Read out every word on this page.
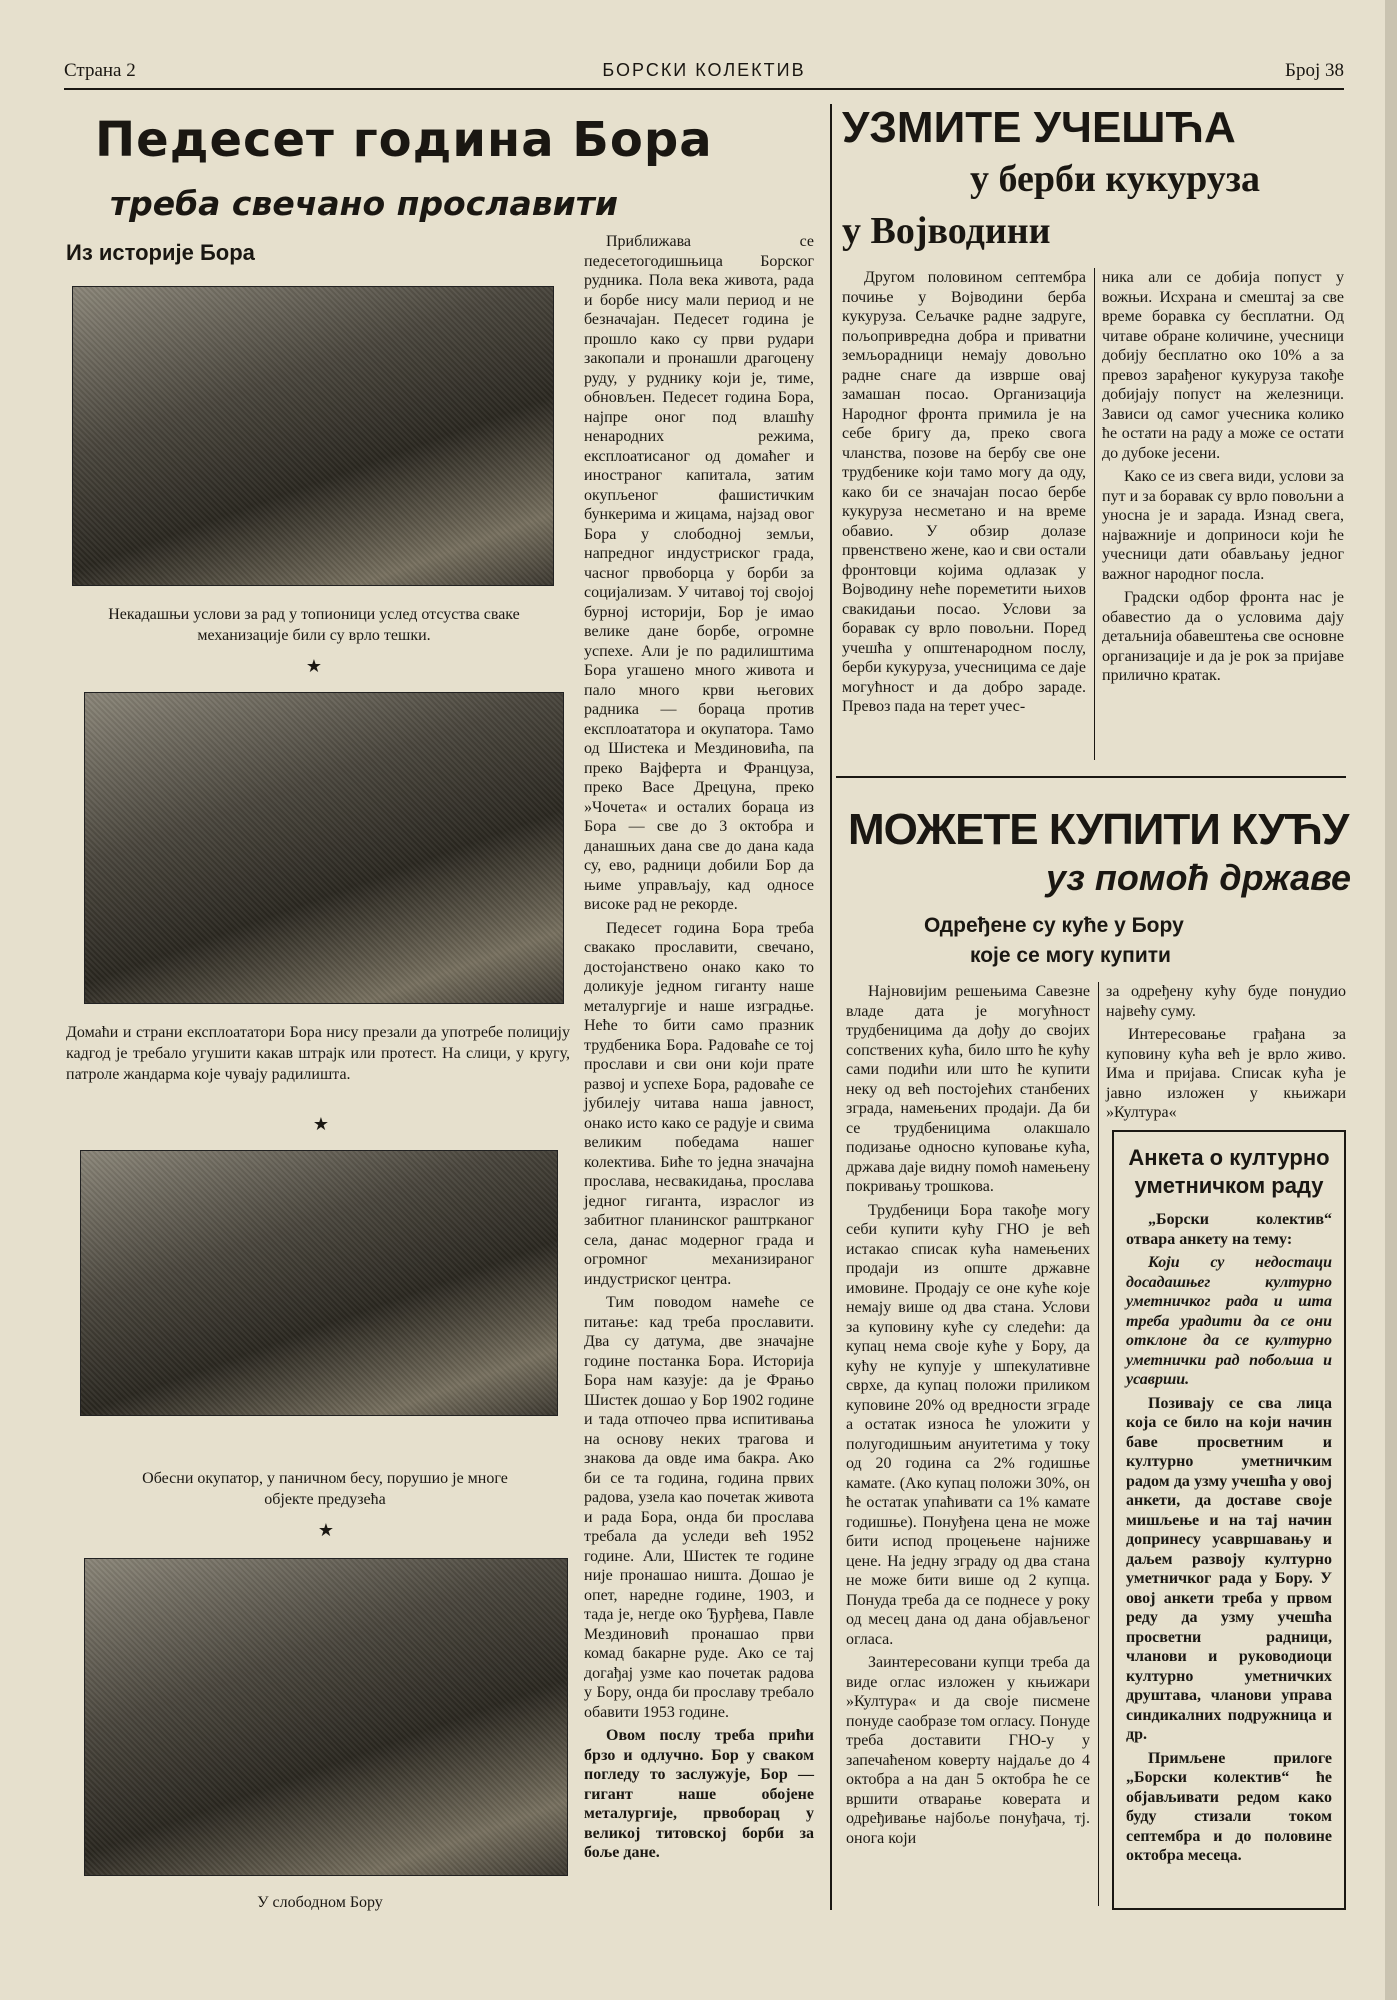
Страна 2	БОРСКИ КОЛЕКТИВ	Број 38
Педесет година Бора
треба свечано прославити
Из историје Бора
Некадашњи услови за рад у топионици услед отсуства сваке механизације били су врло тешки.
★
Домаћи и страни експлоататори Бора нису презали да употребе полицију кадгод је требало угушити какав штрајк или протест. На слици, у кругу, патроле жандарма које чувају радилишта.
★
Обесни окупатор, у паничном бесу, порушио је многе објекте предузећа
★
У слободном Бору

Приближава се педесетогодишњица Борског рудника. Пола века живота, рада и борбе нису мали период и не безначајан. Педесет година је прошло како су први рудари закопали и пронашли драгоцену руду, у руднику који је, тиме, обновљен. Педесет година Бора, најпре оног под влашћу ненародних режима, експлоатисаног од домаћег и иностраног капитала, затим окупљеног фашистичким бункерима и жицама, најзад овог Бора у слободној земљи, напредног индустриског града, часног првоборца у борби за социјализам. У читавој тој својој бурној историји, Бор је имао велике дане борбе, огромне успехе. Али је по радилиштима Бора угашено много живота и пало много крви његових радника — бораца против експлоататора и окупатора. Тамо од Шистека и Мездиновића, па преко Вајферта и Француза, преко Васе Дрецуна, преко »Чочета« и осталих бораца из Бора — све до 3 октобра и данашњих дана све до дана када су, ево, радници добили Бор да њиме управљају, кад односе високе рад не рекорде.

Педесет година Бора треба свакако прославити, свечано, достојанствено онако како то доликује једном гиганту наше металургије и наше изградње. Неће то бити само празник трудбеника Бора. Радоваће се тој прослави и сви они који прате развој и успехе Бора, радоваће се јубилеју читава наша јавност, онако исто како се радује и свима великим победама нашег колектива. Биће то једна значајна прослава, несвакидања, прослава једног гиганта, израслог из забитног планинског раштрканог села, данас модерног града и огромног механизираног индустриског центра.

Тим поводом намеће се питање: кад треба прославити. Два су датума, две значајне године постанка Бора. Историја Бора нам казује: да је Фрањо Шистек дошао у Бор 1902 године и тада отпочео прва испитивања на основу неких трагова и знакова да овде има бакра. Ако би се та година, година првих радова, узела као почетак живота и рада Бора, онда би прослава требала да уследи већ 1952 године. Али, Шистек те године није пронашао ништа. Дошао је опет, наредне године, 1903, и тада је, негде око Ђурђева, Павле Мездиновић пронашао први комад бакарне руде. Ако се тај догађај узме као почетак радова у Бору, онда би прославу требало обавити 1953 године.

Овом послу треба прићи брзо и одлучно. Бор у сваком погледу то заслужује, Бор — гигант наше обојене металургије, првоборац у великој титовској борби за боље дане.

УЗМИТЕ УЧЕШЋА
у берби кукуруза
у Војводини

Другом половином септембра почиње у Војводини берба кукуруза. Сељачке радне задруге, пољопривредна добра и приватни земљорадници немају довољно радне снаге да изврше овај замашан посао. Организација Народног фронта примила је на себе бригу да, преко свога чланства, позове на бербу све оне трудбенике који тамо могу да оду, како би се значајан посао бербе кукуруза несметано и на време обавио. У обзир долазе првенствено жене, као и сви остали фронтовци којима одлазак у Војводину неће пореметити њихов свакидањи посао. Услови за боравак су врло повољни. Поред учешћа у општенародном послу, берби кукуруза, учесницима се даје могућност и да добро зараде. Превоз пада на терет учес-

ника али се добија попуст у вожњи. Исхрана и смештај за све време боравка су бесплатни. Од читаве обране количине, учесници добију бесплатно око 10% а за превоз зарађеног кукуруза такође добијају попуст на железници. Зависи од самог учесника колико ће остати на раду а може се остати до дубоке јесени.

Како се из свега види, услови за пут и за боравак су врло повољни а уносна је и зарада. Изнад свега, најважније и доприноси који ће учесници дати обављању једног важног народног посла.

Градски одбор фронта нас је обавестио да о условима дају детаљнија обавештења све основне организације и да је рок за пријаве прилично кратак.

МОЖЕТЕ КУПИТИ КУЋУ
уз помоћ државе
Одређене су куће у Бору
које се могу купити

Најновијим решењима Савезне владе дата је могућност трудбеницима да дођу до својих сопствених кућа, било што ће кућу сами подићи или што ће купити неку од већ постојећих станбених зграда, намењених продаји. Да би се трудбеницима олакшало подизање односно куповање кућа, држава даје видну помоћ намењену покривању трошкова.

Трудбеници Бора такође могу себи купити кућу ГНО је већ истакао списак кућа намењених продаји из опште државне имовине. Продају се оне куће које немају више од два стана. Услови за куповину куће су следећи: да купац нема своје куће у Бору, да кућу не купује у шпекулативне сврхе, да купац положи приликом куповине 20% од вредности зграде а остатак износа ће уложити у полугодишњим ануитетима у току од 20 година са 2% годишње камате. (Ако купац положи 30%, он ће остатак упаћивати са 1% камате годишње). Понуђена цена не може бити испод процењене најниже цене. На једну зграду од два стана не може бити више од 2 купца. Понуда треба да се поднесе у року од месец дана од дана објављеног огласа.

Заинтересовани купци треба да виде оглас изложен у књижари »Култура« и да своје писмене понуде саобразе том огласу. Понуде треба доставити ГНО-у у запечаћеном коверту најдаље до 4 октобра а на дан 5 октобра ће се вршити отварање коверата и одређивање најбоље понуђача, тј. онога који

за одређену кућу буде понудио највећу суму.

Интересовање грађана за куповину кућа већ је врло живо. Има и пријава. Списак кућа је јавно изложен у књижари »Култура«

Анкета о културно
уметничком раду

„Борски колектив“ отвара анкету на тему:

Који су недостаци досадашњег културно уметничког рада и шта треба урадити да се они отклоне да се културно уметнички рад побољша и усаврши.

Позивају се сва лица која се било на који начин баве просветним и културно уметничким радом да узму учешћа у овој анкети, да доставе своје мишљење и на тај начин допринесу усавршавању и даљем развоју културно уметничког рада у Бору. У овој анкети треба у првом реду да узму учешћа просветни радници, чланови и руководиоци културно уметничких друштава, чланови управа синдикалних подружница и др.

Примљене прилоге „Борски колектив“ ће објављивати редом како буду стизали током септембра и до половине октобра месеца.
